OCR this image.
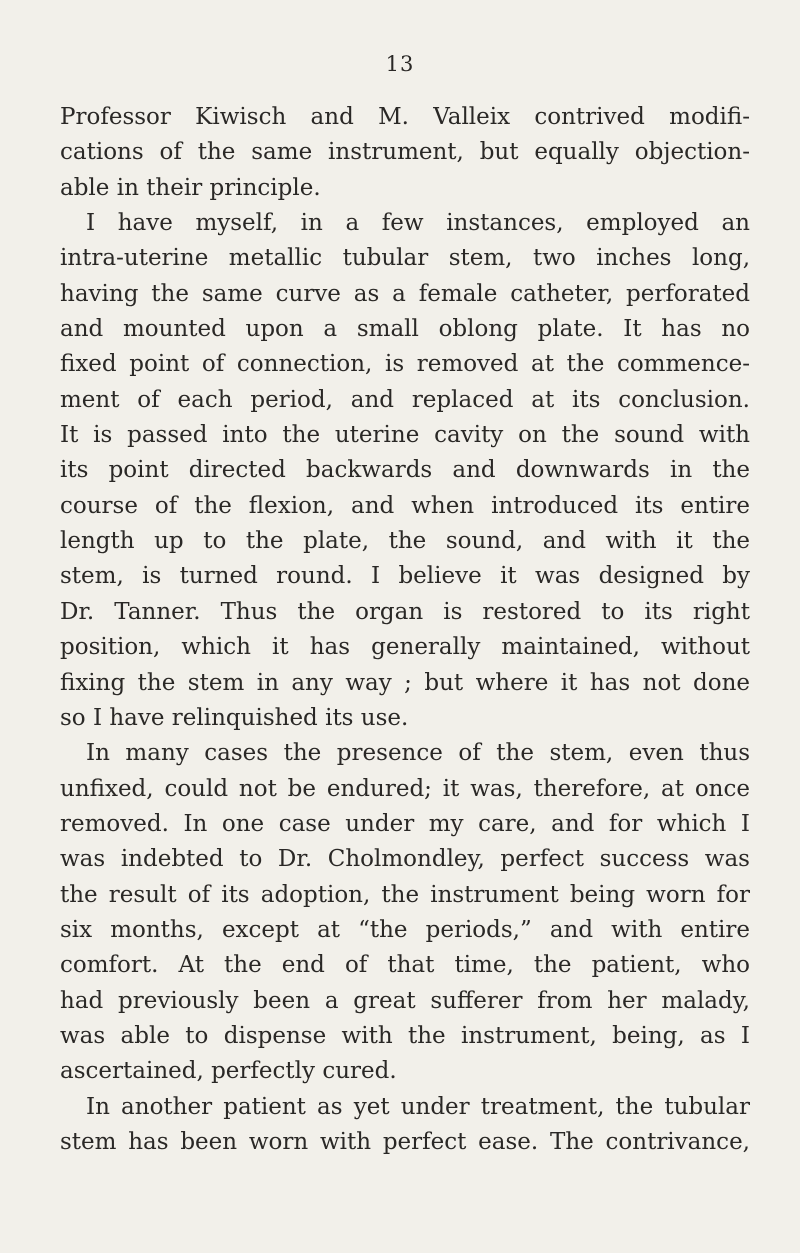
13
Professor Kiwisch and M. Valleix contrived modifi-
cations of the same instrument, but equally objection-
able in their principle.
I have myself, in a few instances, employed an
intra-uterine metallic tubular stem, two inches long,
having the same curve as a female catheter, perforated
and mounted upon a small oblong plate. It has no
fixed point of connection, is removed at the commence-
ment of each period, and replaced at its conclusion.
It is passed into the uterine cavity on the sound with
its point directed backwards and downwards in the
course of the flexion, and when introduced its entire
length up to the plate, the sound, and with it the
stem, is turned round. I believe it was designed by
Dr. Tanner. Thus the organ is restored to its right
position, which it has generally maintained, without
fixing the stem in any way ; but where it has not done
so I have relinquished its use.
In many cases the presence of the stem, even thus
unfixed, could not be endured; it was, therefore, at once
removed. In one case under my care, and for which I
was indebted to Dr. Cholmondley, perfect success was
the result of its adoption, the instrument being worn for
six months, except at “the periods,” and with entire
comfort. At the end of that time, the patient, who
had previously been a great sufferer from her malady,
was able to dispense with the instrument, being, as I
ascertained, perfectly cured.
In another patient as yet under treatment, the tubular
stem has been worn with perfect ease. The contrivance,
